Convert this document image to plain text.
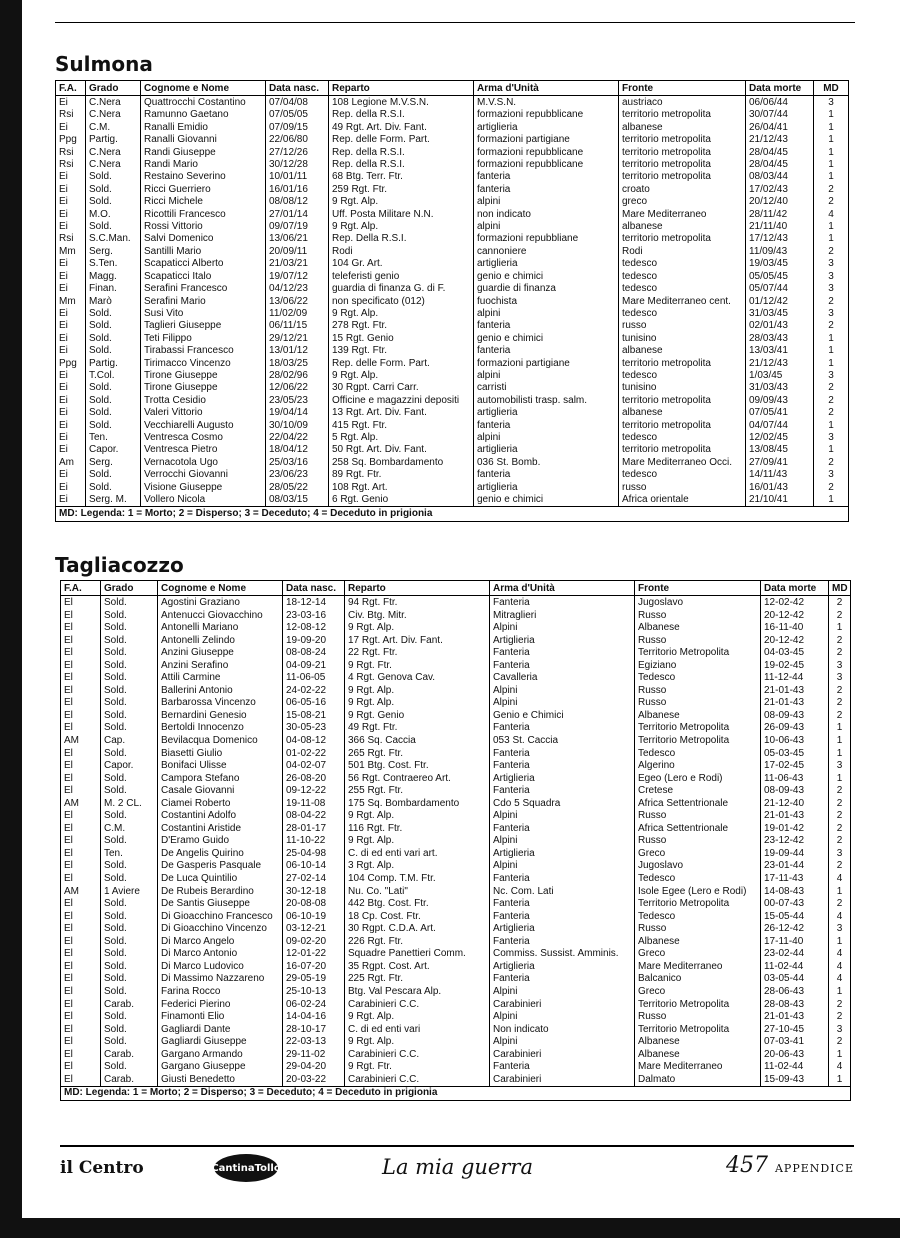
Sulmona
F.A.	Grado	Cognome e Nome	Data nasc.	Reparto	Arma d'Unità	Fronte	Data morte	MD
Ei	C.Nera	Quattrocchi Costantino	07/04/08	108 Legione M.V.S.N.	M.V.S.N.	austriaco	06/06/44	3
Rsi	C.Nera	Ramunno Gaetano	07/05/05	Rep. della R.S.I.	formazioni repubblicane	territorio metropolita	30/07/44	1
Ei	C.M.	Ranalli Emidio	07/09/15	49 Rgt. Art. Div. Fant.	artiglieria	albanese	26/04/41	1
Ppg	Partig.	Ranalli Giovanni	22/06/80	Rep. delle Form. Part.	formazioni partigiane	territorio metropolita	21/12/43	1
Rsi	C.Nera	Randi Giuseppe	27/12/26	Rep. della R.S.I.	formazioni repubblicane	territorio metropolita	28/04/45	1
Rsi	C.Nera	Randi Mario	30/12/28	Rep. della R.S.I.	formazioni repubblicane	territorio metropolita	28/04/45	1
Ei	Sold.	Restaino Severino	10/01/11	68 Btg. Terr. Ftr.	fanteria	territorio metropolita	08/03/44	1
Ei	Sold.	Ricci Guerriero	16/01/16	259 Rgt. Ftr.	fanteria	croato	17/02/43	2
Ei	Sold.	Ricci Michele	08/08/12	9 Rgt. Alp.	alpini	greco	20/12/40	2
Ei	M.O.	Ricottili Francesco	27/01/14	Uff. Posta Militare N.N.	non indicato	Mare Mediterraneo	28/11/42	4
Ei	Sold.	Rossi Vittorio	09/07/19	9 Rgt. Alp.	alpini	albanese	21/11/40	1
Rsi	S.C.Man.	Salvi Domenico	13/06/21	Rep. Della R.S.I.	formazioni repubbliane	territorio metropolita	17/12/43	1
Mm	Serg.	Santilli Mario	20/09/11	Rodi	cannoniere	Rodi	11/09/43	2
Ei	S.Ten.	Scapaticci Alberto	21/03/21	104 Gr. Art.	artiglieria	tedesco	19/03/45	3
Ei	Magg.	Scapaticci Italo	19/07/12	teleferisti genio	genio e chimici	tedesco	05/05/45	3
Ei	Finan.	Serafini Francesco	04/12/23	guardia di finanza G. di F.	guardie di finanza	tedesco	05/07/44	3
Mm	Marò	Serafini Mario	13/06/22	non specificato (012)	fuochista	Mare Mediterraneo cent.	01/12/42	2
Ei	Sold.	Susi Vito	11/02/09	9 Rgt. Alp.	alpini	tedesco	31/03/45	3
Ei	Sold.	Taglieri Giuseppe	06/11/15	278 Rgt. Ftr.	fanteria	russo	02/01/43	2
Ei	Sold.	Teti Filippo	29/12/21	15 Rgt. Genio	genio e chimici	tunisino	28/03/43	1
Ei	Sold.	Tirabassi Francesco	13/01/12	139 Rgt. Ftr.	fanteria	albanese	13/03/41	1
Ppg	Partig.	Tirimacco Vincenzo	18/03/25	Rep. delle Form. Part.	formazioni partigiane	territorio metropolita	21/12/43	1
Ei	T.Col.	Tirone Giuseppe	28/02/96	9 Rgt. Alp.	alpini	tedesco	1/03/45	3
Ei	Sold.	Tirone Giuseppe	12/06/22	30 Rgpt. Carri Carr.	carristi	tunisino	31/03/43	2
Ei	Sold.	Trotta Cesidio	23/05/23	Officine e magazzini depositi	automobilisti trasp. salm.	territorio metropolita	09/09/43	2
Ei	Sold.	Valeri Vittorio	19/04/14	13 Rgt. Art. Div. Fant.	artiglieria	albanese	07/05/41	2
Ei	Sold.	Vecchiarelli Augusto	30/10/09	415 Rgt. Ftr.	fanteria	territorio metropolita	04/07/44	1
Ei	Ten.	Ventresca Cosmo	22/04/22	5 Rgt. Alp.	alpini	tedesco	12/02/45	3
Ei	Capor.	Ventresca Pietro	18/04/12	50 Rgt. Art. Div. Fant.	artiglieria	territorio metropolita	13/08/45	1
Am	Serg.	Vernacotola Ugo	25/03/16	258 Sq. Bombardamento	036 St. Bomb.	Mare Mediterraneo Occi.	27/09/41	2
Ei	Sold.	Verrocchi Giovanni	23/06/23	89 Rgt. Ftr.	fanteria	tedesco	14/11/43	3
Ei	Sold.	Visione Giuseppe	28/05/22	108 Rgt. Art.	artiglieria	russo	16/01/43	2
Ei	Serg. M.	Vollero Nicola	08/03/15	6 Rgt. Genio	genio e chimici	Africa orientale	21/10/41	1
MD: Legenda: 1 = Morto; 2 = Disperso; 3 = Deceduto; 4 = Deceduto in prigionia								
Tagliacozzo
F.A.	Grado	Cognome e Nome	Data nasc.	Reparto	Arma d'Unità	Fronte	Data morte	MD
El	Sold.	Agostini Graziano	18-12-14	94 Rgt. Ftr.	Fanteria	Jugoslavo	12-02-42	2
El	Sold.	Antenucci Giovacchino	23-03-16	Civ. Btg. Mitr.	Mitraglieri	Russo	20-12-42	2
El	Sold.	Antonelli Mariano	12-08-12	9 Rgt. Alp.	Alpini	Albanese	16-11-40	1
El	Sold.	Antonelli Zelindo	19-09-20	17 Rgt. Art. Div. Fant.	Artiglieria	Russo	20-12-42	2
El	Sold.	Anzini Giuseppe	08-08-24	22 Rgt. Ftr.	Fanteria	Territorio Metropolita	04-03-45	2
El	Sold.	Anzini Serafino	04-09-21	9 Rgt. Ftr.	Fanteria	Egiziano	19-02-45	3
El	Sold.	Attili Carmine	11-06-05	4 Rgt. Genova Cav.	Cavalleria	Tedesco	11-12-44	3
El	Sold.	Ballerini Antonio	24-02-22	9 Rgt. Alp.	Alpini	Russo	21-01-43	2
El	Sold.	Barbarossa Vincenzo	06-05-16	9 Rgt. Alp.	Alpini	Russo	21-01-43	2
El	Sold.	Bernardini Genesio	15-08-21	9 Rgt. Genio	Genio e Chimici	Albanese	08-09-43	2
El	Sold.	Bertoldi Innocenzo	30-05-23	49 Rgt. Ftr.	Fanteria	Territorio Metropolita	26-09-43	1
AM	Cap.	Bevilacqua Domenico	04-08-12	366 Sq. Caccia	053 St. Caccia	Territorio Metropolita	10-06-43	1
El	Sold.	Biasetti Giulio	01-02-22	265 Rgt. Ftr.	Fanteria	Tedesco	05-03-45	1
El	Capor.	Bonifaci Ulisse	04-02-07	501 Btg. Cost. Ftr.	Fanteria	Algerino	17-02-45	3
El	Sold.	Campora Stefano	26-08-20	56 Rgt. Contraereo Art.	Artiglieria	Egeo (Lero e Rodi)	11-06-43	1
El	Sold.	Casale Giovanni	09-12-22	255 Rgt. Ftr.	Fanteria	Cretese	08-09-43	2
AM	M. 2 CL.	Ciamei Roberto	19-11-08	175 Sq. Bombardamento	Cdo 5 Squadra	Africa Settentrionale	21-12-40	2
El	Sold.	Costantini Adolfo	08-04-22	9 Rgt. Alp.	Alpini	Russo	21-01-43	2
El	C.M.	Costantini Aristide	28-01-17	116 Rgt. Ftr.	Fanteria	Africa Settentrionale	19-01-42	2
El	Sold.	D'Eramo Guido	11-10-22	9 Rgt. Alp.	Alpini	Russo	23-12-42	2
El	Ten.	De Angelis Quirino	25-04-98	C. di ed enti vari art.	Artiglieria	Greco	19-09-44	3
El	Sold.	De Gasperis Pasquale	06-10-14	3 Rgt. Alp.	Alpini	Jugoslavo	23-01-44	2
El	Sold.	De Luca Quintilio	27-02-14	104 Comp. T.M. Ftr.	Fanteria	Tedesco	17-11-43	4
AM	1 Aviere	De Rubeis Berardino	30-12-18	Nu. Co. "Lati"	Nc. Com. Lati	Isole Egee (Lero e Rodi)	14-08-43	1
El	Sold.	De Santis Giuseppe	20-08-08	442 Btg. Cost. Ftr.	Fanteria	Territorio Metropolita	00-07-43	2
El	Sold.	Di Gioacchino Francesco	06-10-19	18 Cp. Cost. Ftr.	Fanteria	Tedesco	15-05-44	4
El	Sold.	Di Gioacchino Vincenzo	03-12-21	30 Rgpt. C.D.A. Art.	Artiglieria	Russo	26-12-42	3
El	Sold.	Di Marco Angelo	09-02-20	226 Rgt. Ftr.	Fanteria	Albanese	17-11-40	1
El	Sold.	Di Marco Antonio	12-01-22	Squadre Panettieri Comm.	Commiss. Sussist. Amminis.	Greco	23-02-44	4
El	Sold.	Di Marco Ludovico	16-07-20	35 Rgpt. Cost. Art.	Artiglieria	Mare Mediterraneo	11-02-44	4
El	Sold.	Di Massimo Nazzareno	29-05-19	225 Rgt. Ftr.	Fanteria	Balcanico	03-05-44	4
El	Sold.	Farina Rocco	25-10-13	Btg. Val Pescara Alp.	Alpini	Greco	28-06-43	1
El	Carab.	Federici Pierino	06-02-24	Carabinieri C.C.	Carabinieri	Territorio Metropolita	28-08-43	2
El	Sold.	Finamonti Elio	14-04-16	9 Rgt. Alp.	Alpini	Russo	21-01-43	2
El	Sold.	Gagliardi Dante	28-10-17	C. di ed enti vari	Non indicato	Territorio Metropolita	27-10-45	3
El	Sold.	Gagliardi Giuseppe	22-03-13	9 Rgt. Alp.	Alpini	Albanese	07-03-41	2
El	Carab.	Gargano Armando	29-11-02	Carabinieri C.C.	Carabinieri	Albanese	20-06-43	1
El	Sold.	Gargano Giuseppe	29-04-20	9 Rgt. Ftr.	Fanteria	Mare Mediterraneo	11-02-44	4
El	Carab.	Giusti Benedetto	20-03-22	Carabinieri C.C.	Carabinieri	Dalmato	15-09-43	1
MD: Legenda: 1 = Morto; 2 = Disperso; 3 = Deceduto; 4 = Deceduto in prigionia								
il Centro	CantinaTollo	La mia guerra	457 APPENDICE
